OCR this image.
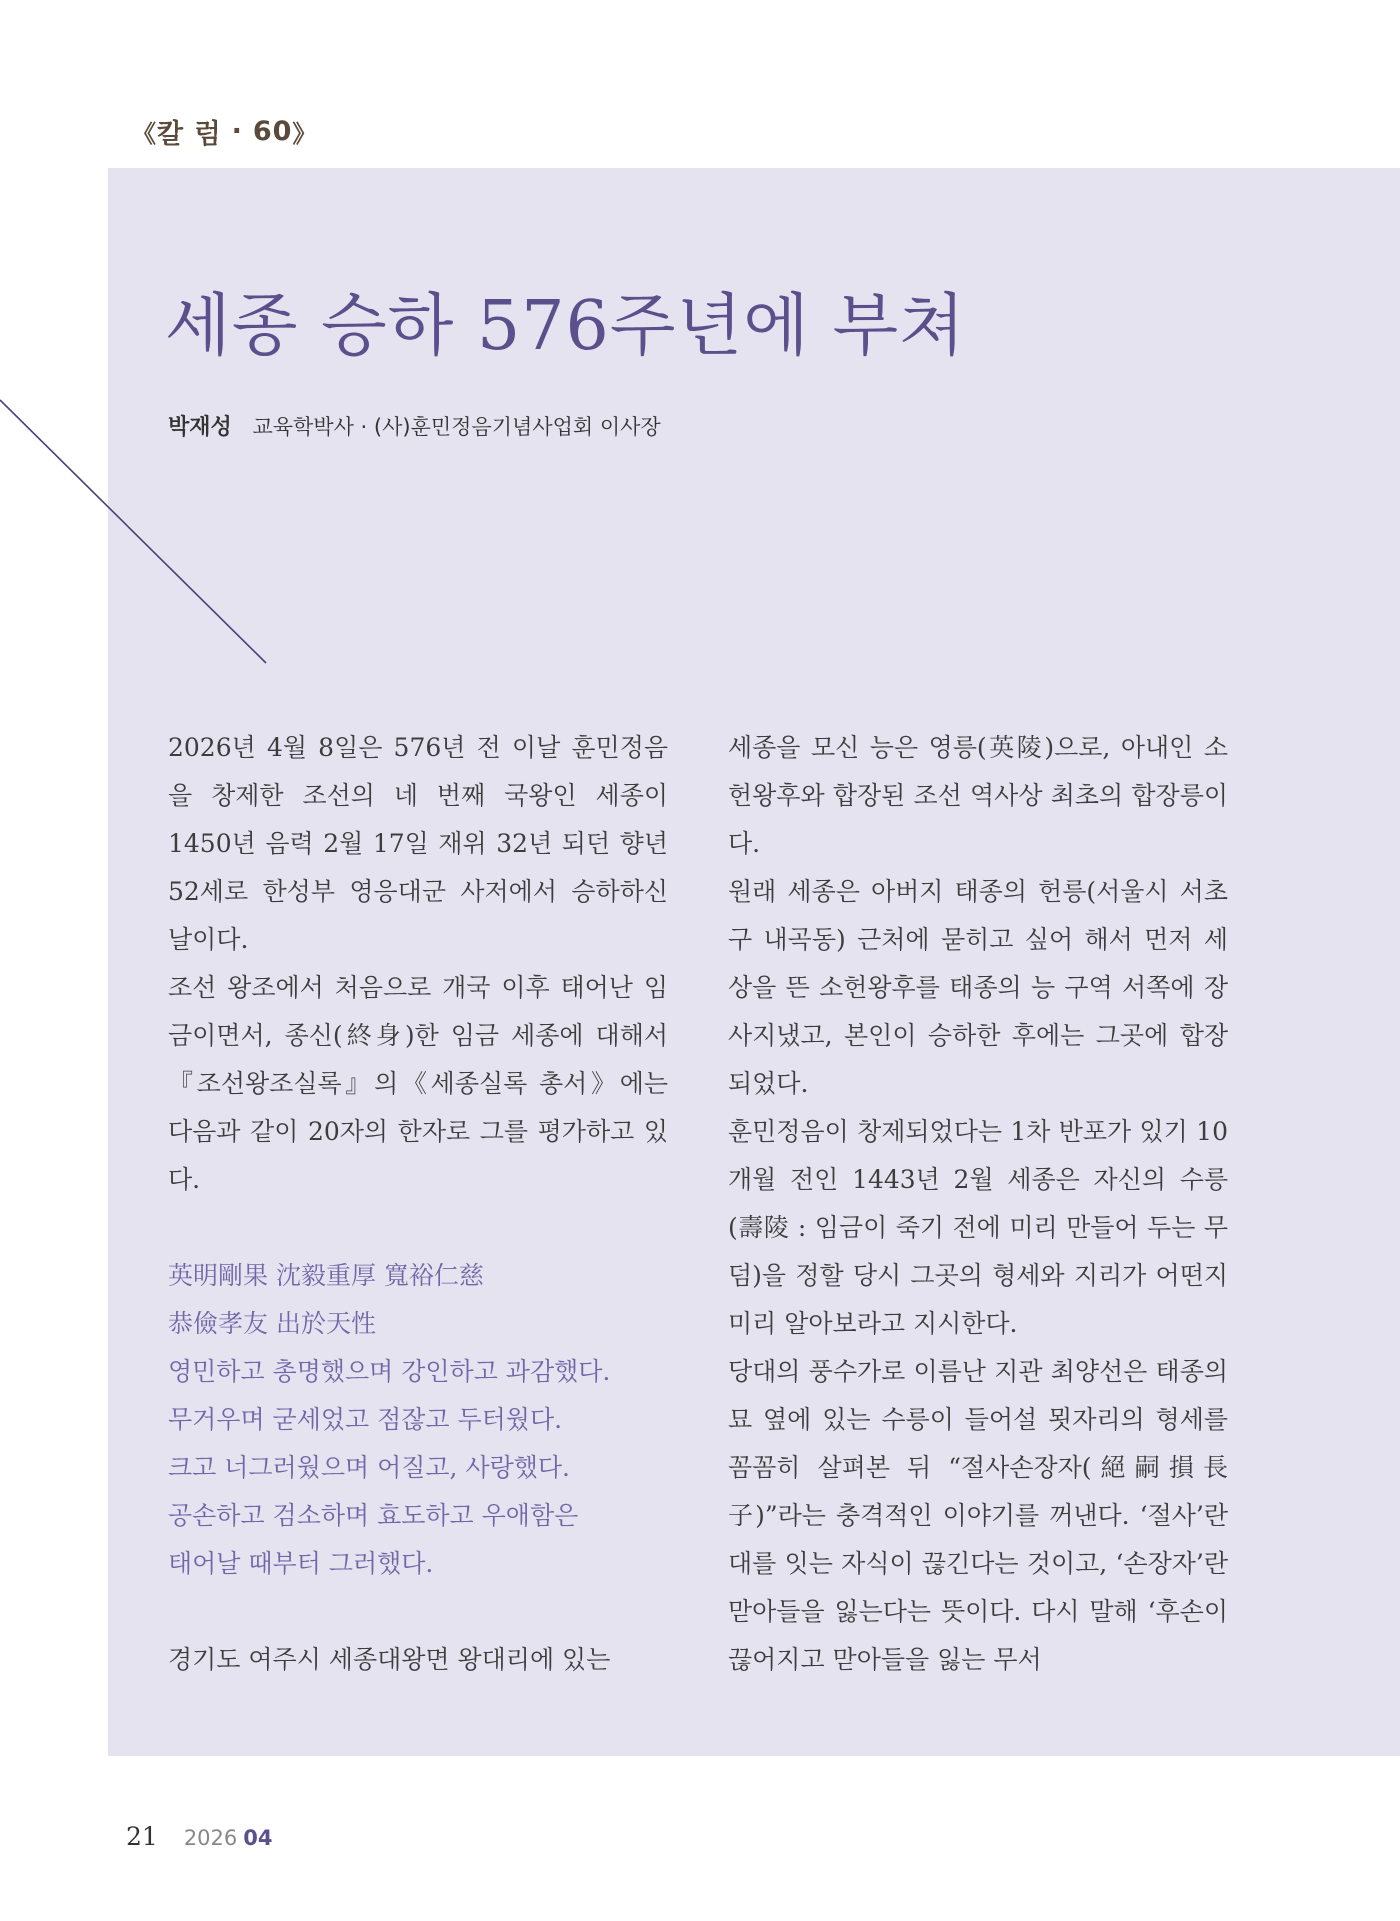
《 칼 럼 · 60 》
세종 승하 576주년에 부쳐
박재성 교육학박사 · (사)훈민정음기념사업회 이사장

2026년 4월 8일은 576년 전 이날 훈민정음을 창제한 조선의 네 번째 국왕인 세종이 1450년 음력 2월 17일 재위 32년 되던 향년 52세로 한성부 영응대군 사저에서 승하하신 날이다.

조선 왕조에서 처음으로 개국 이후 태어난 임금이면서, 종신(終身)한 임금 세종에 대해서『조선왕조실록』의《세종실록 총서》에는 다음과 같이 20자의 한자로 그를 평가하고 있다.

英明剛果 沈毅重厚 寬裕仁慈

恭儉孝友 出於天性

영민하고 총명했으며 강인하고 과감했다.

무거우며 굳세었고 점잖고 두터웠다.

크고 너그러웠으며 어질고, 사랑했다.

공손하고 검소하며 효도하고 우애함은

태어날 때부터 그러했다.

경기도 여주시 세종대왕면 왕대리에 있는

세종을 모신 능은 영릉(英陵)으로, 아내인 소헌왕후와 합장된 조선 역사상 최초의 합장릉이다.

원래 세종은 아버지 태종의 헌릉(서울시 서초구 내곡동) 근처에 묻히고 싶어 해서 먼저 세상을 뜬 소헌왕후를 태종의 능 구역 서쪽에 장사지냈고, 본인이 승하한 후에는 그곳에 합장되었다.

훈민정음이 창제되었다는 1차 반포가 있기 10개월 전인 1443년 2월 세종은 자신의 수릉(壽陵 : 임금이 죽기 전에 미리 만들어 두는 무덤)을 정할 당시 그곳의 형세와 지리가 어떤지 미리 알아보라고 지시한다.

당대의 풍수가로 이름난 지관 최양선은 태종의 묘 옆에 있는 수릉이 들어설 묏자리의 형세를 꼼꼼히 살펴본 뒤 “절사손장자(絕嗣損長子)”라는 충격적인 이야기를 꺼낸다. ‘절사’란 대를 잇는 자식이 끊긴다는 것이고, ‘손장자’란 맏아들을 잃는다는 뜻이다. 다시 말해 ‘후손이 끊어지고 맏아들을 잃는 무서

21 2026 04
